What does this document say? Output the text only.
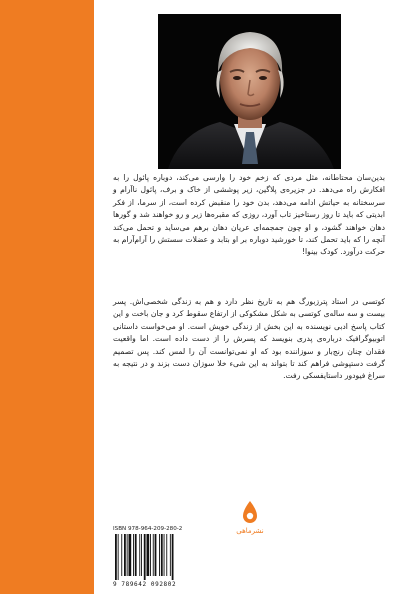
بدین‌سان محتاطانه، مثل مردی که زخم خود را وارسی می‌کند، دوباره پائول را به افکارش راه می‌دهد. در جزیره‌ی پلاگین، زیر پوششی از خاک و برف، پائول ناآرام و سرسختانه به حیاتش ادامه می‌دهد، بدن خود را منقبض کرده است، از سرما، از فکر ابدیتی که باید تا روز رستاخیز تاب آورد، روزی که مقبره‌ها زیر و رو خواهند شد و گورها دهان خواهند گشود، و او چون جمجمه‌ای عریان دهان برهم می‌ساید و تحمل می‌کند آنچه را که باید تحمل کند، تا خورشید دوباره بر او بتابد و عضلات سستش را آرام‌آرام به حرکت درآورد. کودک بینوا!

کوتسی در استاد پترزبورگ هم به تاریخ نظر دارد و هم به زندگی شخصی‌اش. پسر بیست و سه ساله‌ی کوتسی به شکل مشکوکی از ارتفاع سقوط کرد و جان باخت و این کتاب پاسخ ادبی نویسنده به این بخش از زندگی خویش است. او می‌خواست داستانی اتوبیوگرافیک درباره‌ی پدری بنویسد که پسرش را از دست داده است. اما واقعیت فقدان چنان رنج‌بار و سوزاننده بود که او نمی‌توانست آن را لمس کند. پس تصمیم گرفت دستپوشی فراهم کند تا بتواند به این شیء خلا سوزان دست بزند و در نتیجه به سراغ فیودور داستایفسکی رفت.

نشرماهی
ISBN 978-964-209-280-2
9 789642 092802
